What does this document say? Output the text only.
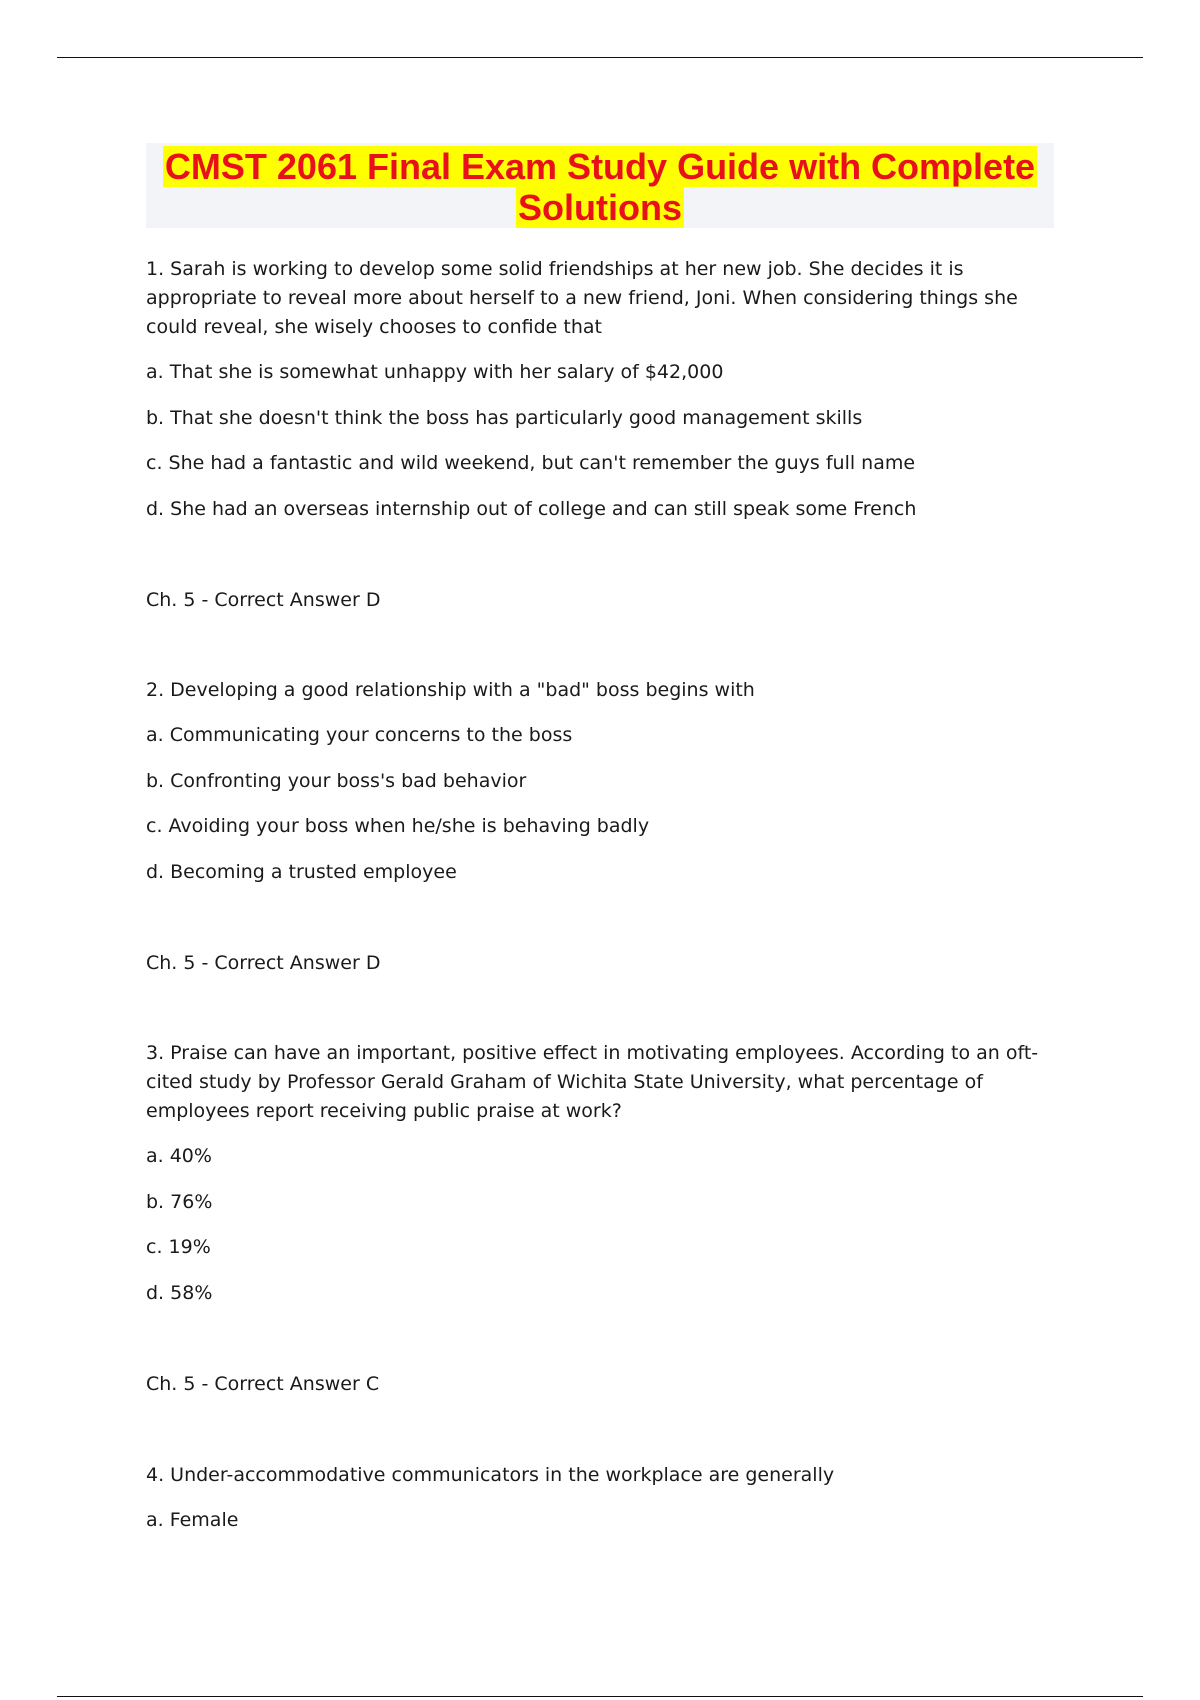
CMST 2061 Final Exam Study Guide with Complete
Solutions

1. Sarah is working to develop some solid friendships at her new job. She decides it is appropriate to reveal more about herself to a new friend, Joni. When considering things she could reveal, she wisely chooses to confide that
a. That she is somewhat unhappy with her salary of $42,000
b. That she doesn't think the boss has particularly good management skills
c. She had a fantastic and wild weekend, but can't remember the guys full name
d. She had an overseas internship out of college and can still speak some French
Ch. 5 - Correct Answer D
2. Developing a good relationship with a "bad" boss begins with
a. Communicating your concerns to the boss
b. Confronting your boss's bad behavior
c. Avoiding your boss when he/she is behaving badly
d. Becoming a trusted employee
Ch. 5 - Correct Answer D
3. Praise can have an important, positive effect in motivating employees. According to an oft-cited study by Professor Gerald Graham of Wichita State University, what percentage of employees report receiving public praise at work?
a. 40%
b. 76%
c. 19%
d. 58%
Ch. 5 - Correct Answer C
4. Under-accommodative communicators in the workplace are generally
a. Female
